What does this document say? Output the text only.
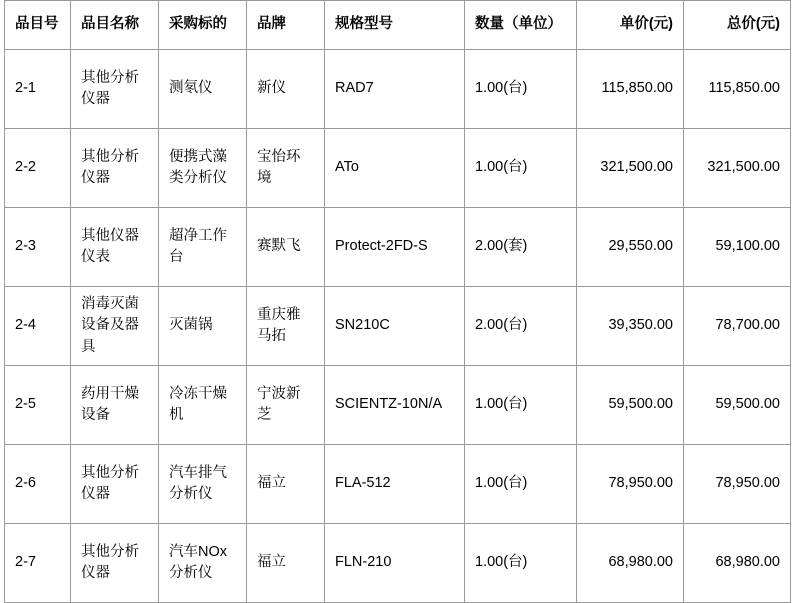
品目号	品目名称	采购标的	品牌	规格型号	数量（单位）	单价(元)	总价(元)
2-1	其他分析仪器	测氡仪	新仪	RAD7	1.00(台)	115,850.00	115,850.00
2-2	其他分析仪器	便携式藻类分析仪	宝怡环境	ATo	1.00(台)	321,500.00	321,500.00
2-3	其他仪器仪表	超净工作台	赛默飞	Protect-2FD-S	2.00(套)	29,550.00	59,100.00
2-4	消毒灭菌设备及器具	灭菌锅	重庆雅马拓	SN210C	2.00(台)	39,350.00	78,700.00
2-5	药用干燥设备	冷冻干燥机	宁波新芝	SCIENTZ-10N/A	1.00(台)	59,500.00	59,500.00
2-6	其他分析仪器	汽车排气分析仪	福立	FLA-512	1.00(台)	78,950.00	78,950.00
2-7	其他分析仪器	汽车NOx分析仪	福立	FLN-210	1.00(台)	68,980.00	68,980.00
